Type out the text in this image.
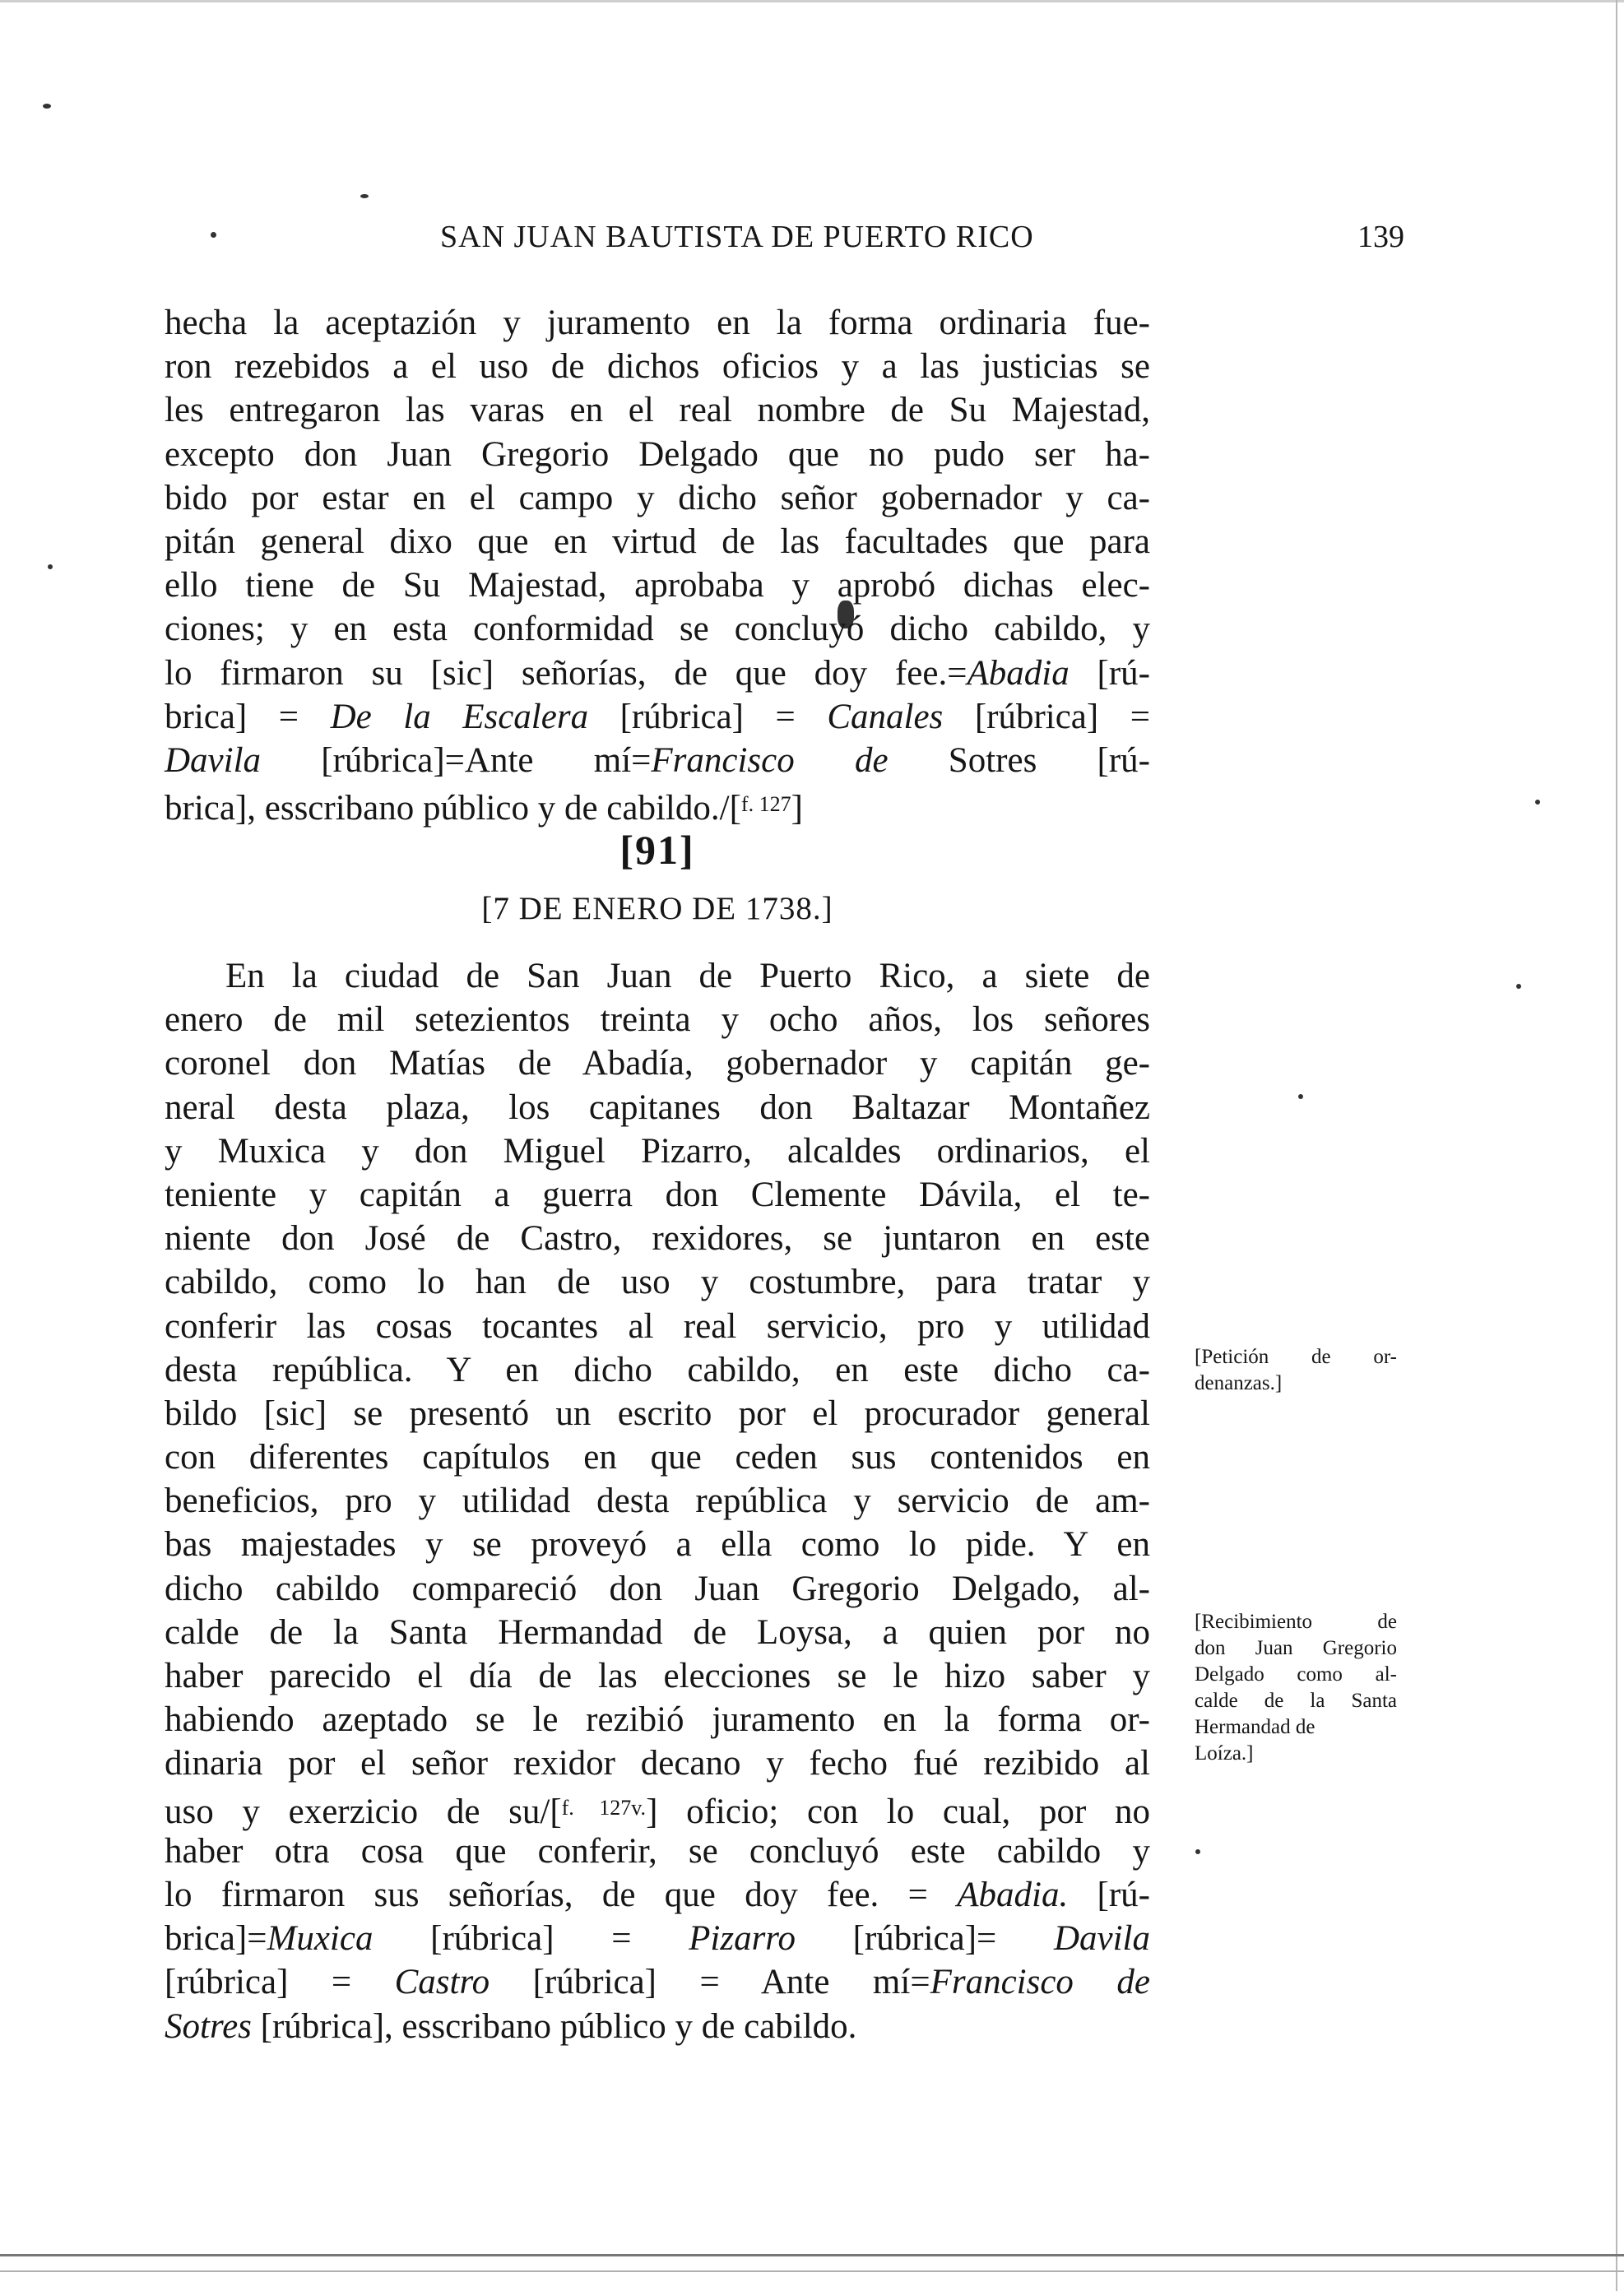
SAN JUAN BAUTISTA DE PUERTO RICO	139
hecha la aceptazión y juramento en la forma ordinaria fue-
ron rezebidos a el uso de dichos oficios y a las justicias se
les entregaron las varas en el real nombre de Su Majestad,
excepto don Juan Gregorio Delgado que no pudo ser ha-
bido por estar en el campo y dicho señor gobernador y ca-
pitán general dixo que en virtud de las facultades que para
ello tiene de Su Majestad, aprobaba y aprobó dichas elec-
ciones; y en esta conformidad se concluyó dicho cabildo, y
lo firmaron su [sic] señorías, de que doy fee.=Abadia [rú-
brica] = De la Escalera [rúbrica] = Canales [rúbrica] =
Davila [rúbrica]=Ante mí=Francisco de Sotres [rú-
brica], esscribano público y de cabildo./[$^{f. 127}$]
[91]
[7 DE ENERO DE 1738.]
En la ciudad de San Juan de Puerto Rico, a siete de
enero de mil setezientos treinta y ocho años, los señores
coronel don Matías de Abadía, gobernador y capitán ge-
neral desta plaza, los capitanes don Baltazar Montañez
y Muxica y don Miguel Pizarro, alcaldes ordinarios, el
teniente y capitán a guerra don Clemente Dávila, el te-
niente don José de Castro, rexidores, se juntaron en este
cabildo, como lo han de uso y costumbre, para tratar y
conferir las cosas tocantes al real servicio, pro y utilidad
desta república. Y en dicho cabildo, en este dicho ca-
bildo [sic] se presentó un escrito por el procurador general
con diferentes capítulos en que ceden sus contenidos en
beneficios, pro y utilidad desta república y servicio de am-
bas majestades y se proveyó a ella como lo pide. Y en
dicho cabildo compareció don Juan Gregorio Delgado, al-
calde de la Santa Hermandad de Loysa, a quien por no
haber parecido el día de las elecciones se le hizo saber y
habiendo azeptado se le rezibió juramento en la forma or-
dinaria por el señor rexidor decano y fecho fué rezibido al
uso y exerzicio de su/[$^{f. 127v.}$] oficio; con lo cual, por no
haber otra cosa que conferir, se concluyó este cabildo y
lo firmaron sus señorías, de que doy fee. = Abadia. [rú-
brica]=Muxica [rúbrica] = Pizarro [rúbrica]= Davila
[rúbrica] = Castro [rúbrica] = Ante mí=Francisco de
Sotres [rúbrica], esscribano público y de cabildo.
[Petición de or-
denanzas.]
[Recibimiento de
don Juan Gregorio
Delgado como al-
calde de la Santa
Hermandad de
Loíza.]
